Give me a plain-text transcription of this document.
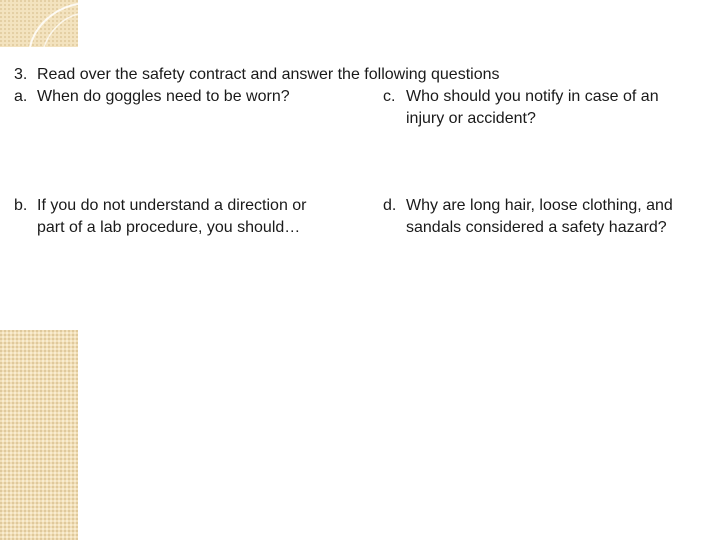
3. Read over the safety contract and answer the following questions
a. When do goggles need to be worn?
b. If you do not understand a direction or
part of a lab procedure, you should…
c. Who should you notify in case of an
injury or accident?
d. Why are long hair, loose clothing, and
sandals considered a safety hazard?
